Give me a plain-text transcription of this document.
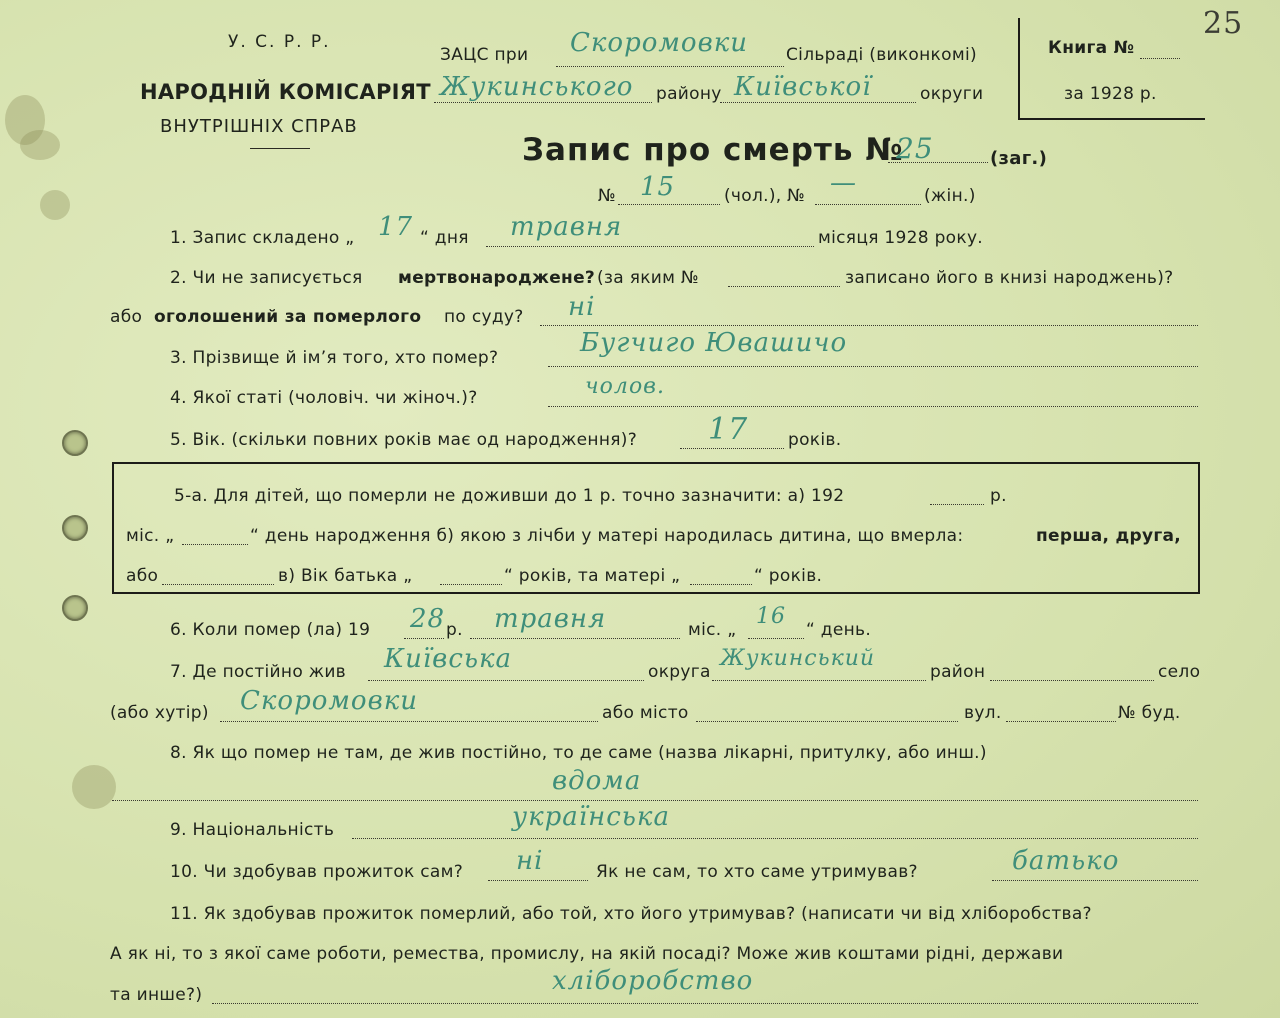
У. С. Р. Р.
НАРОДНІЙ КОМІСАРІЯТ
ВНУТРІШНІХ СПРАВ
ЗАЦС при Скоромовки Сільраді (виконкомі)
Жукинського району Київської	округи
Книга №
за 1928 р.
25
Запис про смерть №
25	(заг.)
№ 15	(чол.), № —	(жін.)
1. Запис складено „ 17 “ дня травня	місяця 1928 року.
2. Чи не записується мертвонароджене? (за яким №	записано його в книзі народжень)?
або оголошений за померлого по суду? ні
3. Прізвище й ім’я того, хто помер?	Бугчиго Ювашичо
4. Якої статі (чоловіч. чи жіноч.)?	чолов.
5. Вік. (скільки повних років має од народження)? 17 років.
5-а. Для дітей, що померли не доживши до 1 р. точно зазначити: а) 192	р.
міс. „	“ день народження б) якою з лічби у матері народилась дитина, що вмерла:	перша, друга,
або	в) Вік батька „	“ років, та матері „	“ років.
6. Коли помер (ла) 19 28 р. травня	міс. „
16
“ день.
7. Де постійно жив Київська	округа
Жукинський
район	село
(або хутір) Скоромовки	або місто	вул.	№ буд.
8. Як що помер не там, де жив постійно, то де саме (назва лікарні, притулку, або инш.)
вдома
9. Національність	українська
10. Чи здобував прожиток сам? ні	Як не сам, то хто саме утримував?	батько
11. Як здобував прожиток померлий, або той, хто його утримував? (написати чи від хліборобства?
А як ні, то з якої саме роботи, ремества, промислу, на якій посаді? Може жив коштами рідні, держави
та инше?)	хліборобство
